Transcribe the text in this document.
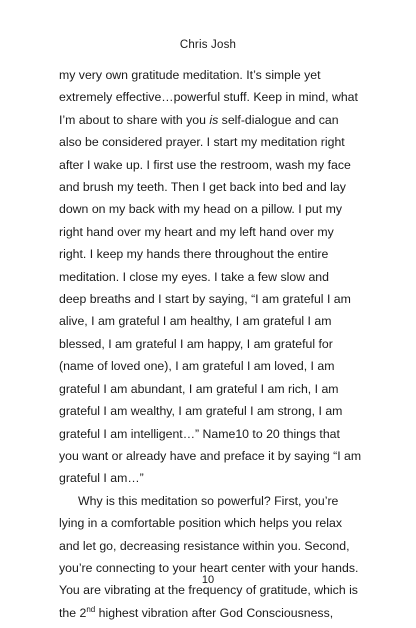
Chris Josh
my very own gratitude meditation. It’s simple yet
extremely effective…powerful stuff. Keep in mind, what
I’m about to share with you is self-dialogue and can
also be considered prayer. I start my meditation right
after I wake up. I first use the restroom, wash my face
and brush my teeth. Then I get back into bed and lay
down on my back with my head on a pillow. I put my
right hand over my heart and my left hand over my
right. I keep my hands there throughout the entire
meditation. I close my eyes. I take a few slow and
deep breaths and I start by saying, “I am grateful I am
alive, I am grateful I am healthy, I am grateful I am
blessed, I am grateful I am happy, I am grateful for
(name of loved one), I am grateful I am loved, I am
grateful I am abundant, I am grateful I am rich, I am
grateful I am wealthy, I am grateful I am strong, I am
grateful I am intelligent…” Name10 to 20 things that
you want or already have and preface it by saying “I am
grateful I am…”
Why is this meditation so powerful? First, you’re
lying in a comfortable position which helps you relax
and let go, decreasing resistance within you. Second,
you’re connecting to your heart center with your hands.
You are vibrating at the frequency of gratitude, which is
the 2nd highest vibration after God Consciousness,
10
